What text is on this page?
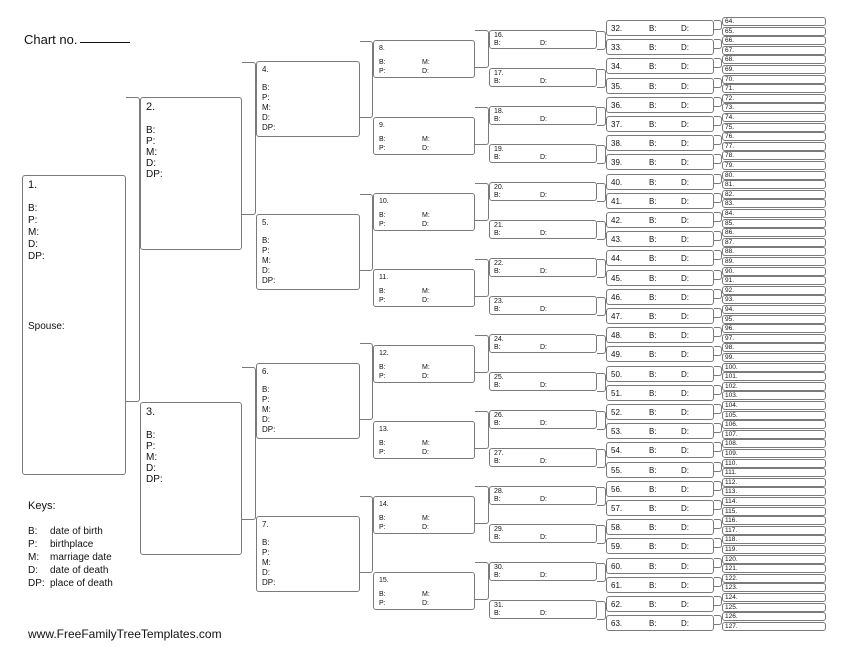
1.
B:
P:
M:
D:
DP:
Spouse:
2.
B:
P:
M:
D:
DP:
3.
B:
P:
M:
D:
DP:
4.
B:
P:
M:
D:
DP:
5.
B:
P:
M:
D:
DP:
6.
B:
P:
M:
D:
DP:
7.
B:
P:
M:
D:
DP:
8.
B:
P:
M:
D:
9.
B:
P:
M:
D:
10.
B:
P:
M:
D:
11.
B:
P:
M:
D:
12.
B:
P:
M:
D:
13.
B:
P:
M:
D:
14.
B:
P:
M:
D:
15.
B:
P:
M:
D:
16.
B:	D:
17.
B:	D:
18.
B:	D:
19.
B:	D:
20.
B:	D:
21.
B:	D:
22.
B:	D:
23.
B:	D:
24.
B:	D:
25.
B:	D:
26.
B:	D:
27.
B:	D:
28.
B:	D:
29.
B:	D:
30.
B:	D:
31.
B:	D:
32.	B:	D:
33.	B:	D:
34.	B:	D:
35.	B:	D:
36.	B:	D:
37.	B:	D:
38.	B:	D:
39.	B:	D:
40.	B:	D:
41.	B:	D:
42.	B:	D:
43.	B:	D:
44.	B:	D:
45.	B:	D:
46.	B:	D:
47.	B:	D:
48.	B:	D:
49.	B:	D:
50.	B:	D:
51.	B:	D:
52.	B:	D:
53.	B:	D:
54.	B:	D:
55.	B:	D:
56.	B:	D:
57.	B:	D:
58.	B:	D:
59.	B:	D:
60.	B:	D:
61.	B:	D:
62.	B:	D:
63.	B:	D:
64.
65.
66.
67.
68.
69.
70.
71.
72.
73.
74.
75.
76.
77.
78.
79.
80.
81.
82.
83.
84.
85.
86.
87.
88.
89.
90.
91.
92.
93.
94.
95.
96.
97.
98.
99.
100.
101.
102.
103.
104.
105.
106.
107.
108.
109.
110.
111.
112.
113.
114.
115.
116.
117.
118.
119.
120.
121.
122.
123.
124.
125.
126.
127.
Chart no.
Keys:
B: date of birth
P: birthplace
M: marriage date
D: date of death
DP: place of death
www.FreeFamilyTreeTemplates.com
